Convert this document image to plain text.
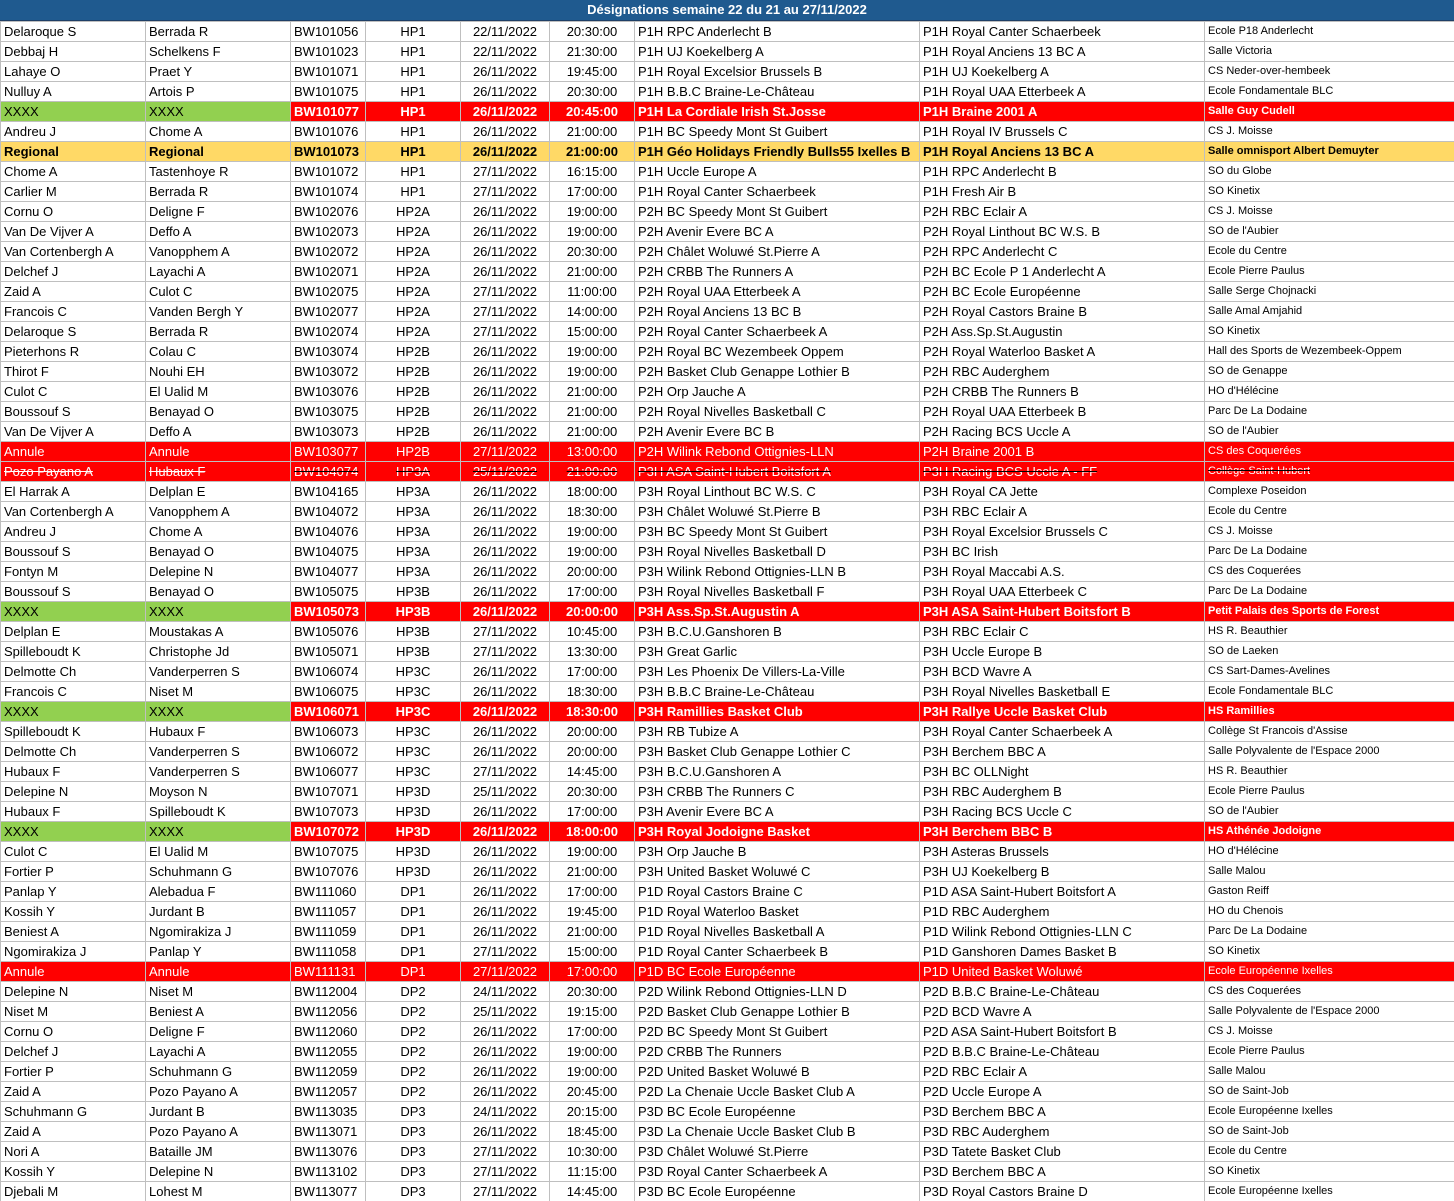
Désignations semaine 22 du 21 au 27/11/2022
Delaroque S	Berrada R	BW101056	HP1	22/11/2022	20:30:00	P1H RPC Anderlecht B	P1H Royal Canter Schaerbeek	Ecole P18 Anderlecht
Debbaj H	Schelkens F	BW101023	HP1	22/11/2022	21:30:00	P1H UJ Koekelberg A	P1H Royal Anciens 13 BC A	Salle Victoria
Lahaye O	Praet Y	BW101071	HP1	26/11/2022	19:45:00	P1H Royal Excelsior Brussels B	P1H UJ Koekelberg A	CS Neder-over-hembeek
Nulluy A	Artois P	BW101075	HP1	26/11/2022	20:30:00	P1H B.B.C Braine-Le-Château	P1H Royal UAA Etterbeek A	Ecole Fondamentale BLC
XXXX	XXXX	BW101077	HP1	26/11/2022	20:45:00	P1H La Cordiale Irish St.Josse	P1H Braine 2001 A	Salle Guy Cudell
Andreu J	Chome A	BW101076	HP1	26/11/2022	21:00:00	P1H BC Speedy Mont St Guibert	P1H Royal IV Brussels C	CS J. Moisse
Regional	Regional	BW101073	HP1	26/11/2022	21:00:00	P1H Géo Holidays Friendly Bulls55 Ixelles B	P1H Royal Anciens 13 BC A	Salle omnisport Albert Demuyter
Chome A	Tastenhoye R	BW101072	HP1	27/11/2022	16:15:00	P1H Uccle Europe A	P1H RPC Anderlecht B	SO du Globe
Carlier M	Berrada R	BW101074	HP1	27/11/2022	17:00:00	P1H Royal Canter Schaerbeek	P1H Fresh Air B	SO Kinetix
Cornu O	Deligne F	BW102076	HP2A	26/11/2022	19:00:00	P2H BC Speedy Mont St Guibert	P2H RBC Eclair A	CS J. Moisse
Van De Vijver A	Deffo A	BW102073	HP2A	26/11/2022	19:00:00	P2H Avenir Evere BC A	P2H Royal Linthout BC W.S. B	SO de l'Aubier
Van Cortenbergh A	Vanopphem A	BW102072	HP2A	26/11/2022	20:30:00	P2H Châlet Woluwé St.Pierre A	P2H RPC Anderlecht C	Ecole du Centre
Delchef J	Layachi A	BW102071	HP2A	26/11/2022	21:00:00	P2H CRBB The Runners A	P2H BC Ecole P 1 Anderlecht A	Ecole Pierre Paulus
Zaid A	Culot C	BW102075	HP2A	27/11/2022	11:00:00	P2H Royal UAA Etterbeek A	P2H BC Ecole Européenne	Salle Serge Chojnacki
Francois C	Vanden Bergh Y	BW102077	HP2A	27/11/2022	14:00:00	P2H Royal Anciens 13 BC B	P2H Royal Castors Braine B	Salle Amal Amjahid
Delaroque S	Berrada R	BW102074	HP2A	27/11/2022	15:00:00	P2H Royal Canter Schaerbeek A	P2H Ass.Sp.St.Augustin	SO Kinetix
Pieterhons R	Colau C	BW103074	HP2B	26/11/2022	19:00:00	P2H Royal BC Wezembeek Oppem	P2H Royal Waterloo Basket A	Hall des Sports de Wezembeek-Oppem
Thirot F	Nouhi EH	BW103072	HP2B	26/11/2022	19:00:00	P2H Basket Club Genappe Lothier B	P2H RBC Auderghem	SO de Genappe
Culot C	El Ualid M	BW103076	HP2B	26/11/2022	21:00:00	P2H Orp Jauche A	P2H CRBB The Runners B	HO d'Hélécine
Boussouf S	Benayad O	BW103075	HP2B	26/11/2022	21:00:00	P2H Royal Nivelles Basketball C	P2H Royal UAA Etterbeek B	Parc De La Dodaine
Van De Vijver A	Deffo A	BW103073	HP2B	26/11/2022	21:00:00	P2H Avenir Evere BC B	P2H Racing BCS Uccle A	SO de l'Aubier
Annule	Annule	BW103077	HP2B	27/11/2022	13:00:00	P2H Wilink Rebond Ottignies-LLN	P2H Braine 2001 B	CS des Coquerées
Pozo Payano A	Hubaux F	BW104074	HP3A	25/11/2022	21:00:00	P3H ASA Saint-Hubert Boitsfort A	P3H Racing BCS Uccle A - FF	Collège Saint-Hubert
El Harrak A	Delplan E	BW104165	HP3A	26/11/2022	18:00:00	P3H Royal Linthout BC W.S. C	P3H Royal CA Jette	Complexe Poseidon
Van Cortenbergh A	Vanopphem A	BW104072	HP3A	26/11/2022	18:30:00	P3H Châlet Woluwé St.Pierre B	P3H RBC Eclair A	Ecole du Centre
Andreu J	Chome A	BW104076	HP3A	26/11/2022	19:00:00	P3H BC Speedy Mont St Guibert	P3H Royal Excelsior Brussels C	CS J. Moisse
Boussouf S	Benayad O	BW104075	HP3A	26/11/2022	19:00:00	P3H Royal Nivelles Basketball D	P3H BC Irish	Parc De La Dodaine
Fontyn M	Delepine N	BW104077	HP3A	26/11/2022	20:00:00	P3H Wilink Rebond Ottignies-LLN B	P3H Royal Maccabi A.S.	CS des Coquerées
Boussouf S	Benayad O	BW105075	HP3B	26/11/2022	17:00:00	P3H Royal Nivelles Basketball F	P3H Royal UAA Etterbeek C	Parc De La Dodaine
XXXX	XXXX	BW105073	HP3B	26/11/2022	20:00:00	P3H Ass.Sp.St.Augustin A	P3H ASA Saint-Hubert Boitsfort B	Petit Palais des Sports de Forest
Delplan E	Moustakas A	BW105076	HP3B	27/11/2022	10:45:00	P3H B.C.U.Ganshoren B	P3H RBC Eclair C	HS R. Beauthier
Spilleboudt K	Christophe Jd	BW105071	HP3B	27/11/2022	13:30:00	P3H Great Garlic	P3H Uccle Europe B	SO de Laeken
Delmotte Ch	Vanderperren S	BW106074	HP3C	26/11/2022	17:00:00	P3H Les Phoenix De Villers-La-Ville	P3H BCD Wavre A	CS Sart-Dames-Avelines
Francois C	Niset M	BW106075	HP3C	26/11/2022	18:30:00	P3H B.B.C Braine-Le-Château	P3H Royal Nivelles Basketball E	Ecole Fondamentale BLC
XXXX	XXXX	BW106071	HP3C	26/11/2022	18:30:00	P3H Ramillies Basket Club	P3H Rallye Uccle Basket Club	HS Ramillies
Spilleboudt K	Hubaux F	BW106073	HP3C	26/11/2022	20:00:00	P3H RB Tubize A	P3H Royal Canter Schaerbeek A	Collège St Francois d'Assise
Delmotte Ch	Vanderperren S	BW106072	HP3C	26/11/2022	20:00:00	P3H Basket Club Genappe Lothier C	P3H Berchem BBC A	Salle Polyvalente de l'Espace 2000
Hubaux F	Vanderperren S	BW106077	HP3C	27/11/2022	14:45:00	P3H B.C.U.Ganshoren A	P3H BC OLLNight	HS R. Beauthier
Delepine N	Moyson N	BW107071	HP3D	25/11/2022	20:30:00	P3H CRBB The Runners C	P3H RBC Auderghem B	Ecole Pierre Paulus
Hubaux F	Spilleboudt K	BW107073	HP3D	26/11/2022	17:00:00	P3H Avenir Evere BC A	P3H Racing BCS Uccle C	SO de l'Aubier
XXXX	XXXX	BW107072	HP3D	26/11/2022	18:00:00	P3H Royal Jodoigne Basket	P3H Berchem BBC B	HS Athénée Jodoigne
Culot C	El Ualid M	BW107075	HP3D	26/11/2022	19:00:00	P3H Orp Jauche B	P3H Asteras Brussels	HO d'Hélécine
Fortier P	Schuhmann G	BW107076	HP3D	26/11/2022	21:00:00	P3H United Basket Woluwé C	P3H UJ Koekelberg B	Salle Malou
Panlap Y	Alebadua F	BW111060	DP1	26/11/2022	17:00:00	P1D Royal Castors Braine C	P1D ASA Saint-Hubert Boitsfort A	Gaston Reiff
Kossih Y	Jurdant B	BW111057	DP1	26/11/2022	19:45:00	P1D Royal Waterloo Basket	P1D RBC Auderghem	HO du Chenois
Beniest A	Ngomirakiza J	BW111059	DP1	26/11/2022	21:00:00	P1D Royal Nivelles Basketball A	P1D Wilink Rebond Ottignies-LLN C	Parc De La Dodaine
Ngomirakiza J	Panlap Y	BW111058	DP1	27/11/2022	15:00:00	P1D Royal Canter Schaerbeek B	P1D Ganshoren Dames Basket B	SO Kinetix
Annule	Annule	BW111131	DP1	27/11/2022	17:00:00	P1D BC Ecole Européenne	P1D United Basket Woluwé	Ecole Européenne Ixelles
Delepine N	Niset M	BW112004	DP2	24/11/2022	20:30:00	P2D Wilink Rebond Ottignies-LLN D	P2D B.B.C Braine-Le-Château	CS des Coquerées
Niset M	Beniest A	BW112056	DP2	25/11/2022	19:15:00	P2D Basket Club Genappe Lothier B	P2D BCD Wavre A	Salle Polyvalente de l'Espace 2000
Cornu O	Deligne F	BW112060	DP2	26/11/2022	17:00:00	P2D BC Speedy Mont St Guibert	P2D ASA Saint-Hubert Boitsfort B	CS J. Moisse
Delchef J	Layachi A	BW112055	DP2	26/11/2022	19:00:00	P2D CRBB The Runners	P2D B.B.C Braine-Le-Château	Ecole Pierre Paulus
Fortier P	Schuhmann G	BW112059	DP2	26/11/2022	19:00:00	P2D United Basket Woluwé B	P2D RBC Eclair A	Salle Malou
Zaid A	Pozo Payano A	BW112057	DP2	26/11/2022	20:45:00	P2D La Chenaie Uccle Basket Club A	P2D Uccle Europe A	SO de Saint-Job
Schuhmann G	Jurdant B	BW113035	DP3	24/11/2022	20:15:00	P3D BC Ecole Européenne	P3D Berchem BBC A	Ecole Européenne Ixelles
Zaid A	Pozo Payano A	BW113071	DP3	26/11/2022	18:45:00	P3D La Chenaie Uccle Basket Club B	P3D RBC Auderghem	SO de Saint-Job
Nori A	Bataille JM	BW113076	DP3	27/11/2022	10:30:00	P3D Châlet Woluwé St.Pierre	P3D Tatete Basket Club	Ecole du Centre
Kossih Y	Delepine N	BW113102	DP3	27/11/2022	11:15:00	P3D Royal Canter Schaerbeek A	P3D Berchem BBC A	SO Kinetix
Djebali M	Lohest M	BW113077	DP3	27/11/2022	14:45:00	P3D BC Ecole Européenne	P3D Royal Castors Braine D	Ecole Européenne Ixelles
